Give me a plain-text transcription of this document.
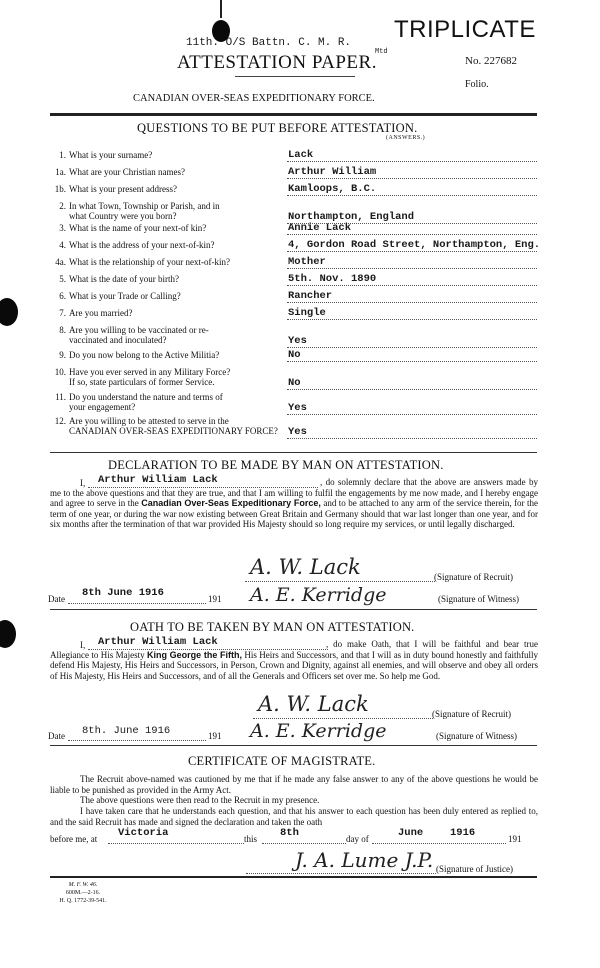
11th. O/S Battn. C. M. R.
Mtd
ATTESTATION PAPER.
TRIPLICATE
No. 227682
Folio.
CANADIAN OVER-SEAS EXPEDITIONARY FORCE.
QUESTIONS TO BE PUT BEFORE ATTESTATION.
(ANSWERS.)
1. What is your surname?	Lack
1a. What are your Christian names?	Arthur William
1b. What is your present address?	Kamloops, B.C.
2. In what Town, Township or Parish, and in
what Country were you born?	Northampton, England
3. What is the name of your next-of kin?	Annie Lack
4. What is the address of your next-of-kin?	4, Gordon Road Street, Northampton, Eng.
4a. What is the relationship of your next-of-kin?	Mother
5. What is the date of your birth?	5th. Nov. 1890
6. What is your Trade or Calling?	Rancher
7. Are you married?	Single
8. Are you willing to be vaccinated or re-
vaccinated and inoculated?	Yes
9. Do you now belong to the Active Militia?	No
10. Have you ever served in any Military Force?
If so, state particulars of former Service.	No
11. Do you understand the nature and terms of
your engagement?	Yes
12. Are you willing to be attested to serve in the
CANADIAN OVER-SEAS EXPEDITIONARY FORCE? Yes
DECLARATION TO BE MADE BY MAN ON ATTESTATION.
I, Arthur William Lack	, do solemnly declare that the above are answers made by me to the above questions and that they are true, and that I am willing to fulfil the engagements by me now made, and I hereby engage and agree to serve in the Canadian Over-Seas Expeditionary Force, and to be attached to any arm of the service therein, for the term of one year, or during the war now existing between Great Britain and Germany should that war last longer than one year, and for six months after the termination of that war provided His Majesty should so long require my services, or until legally discharged.
A. W. Lack	(Signature of Recruit)
Date 8th June 1916	191 A. E. Kerridge	(Signature of Witness)
OATH TO BE TAKEN BY MAN ON ATTESTATION.
I, Arthur William Lack	, do make Oath, that I will be faithful and bear true Allegiance to His Majesty King George the Fifth, His Heirs and Successors, and that I will as in duty bound honestly and faithfully defend His Majesty, His Heirs and Successors, in Person, Crown and Dignity, against all enemies, and will observe and obey all orders of His Majesty, His Heirs and Successors, and of all the Generals and Officers set over me. So help me God.
A. W. Lack	(Signature of Recruit)
Date 8th. June 1916	191 A. E. Kerridge	(Signature of Witness)
CERTIFICATE OF MAGISTRATE.
The Recruit above-named was cautioned by me that if he made any false answer to any of the above questions he would be liable to be punished as provided in the Army Act.
The above questions were then read to the Recruit in my presence.
I have taken care that he understands each question, and that his answer to each question has been duly entered as replied to, and the said Recruit has made and signed the declaration and taken the oath
before me, at Victoria	this 8th	day of	June	1916	191
J. A. Lume J.P. (Signature of Justice)
M. F. W. 46.
600M.—2-16.
H. Q. 1772-39-541.
